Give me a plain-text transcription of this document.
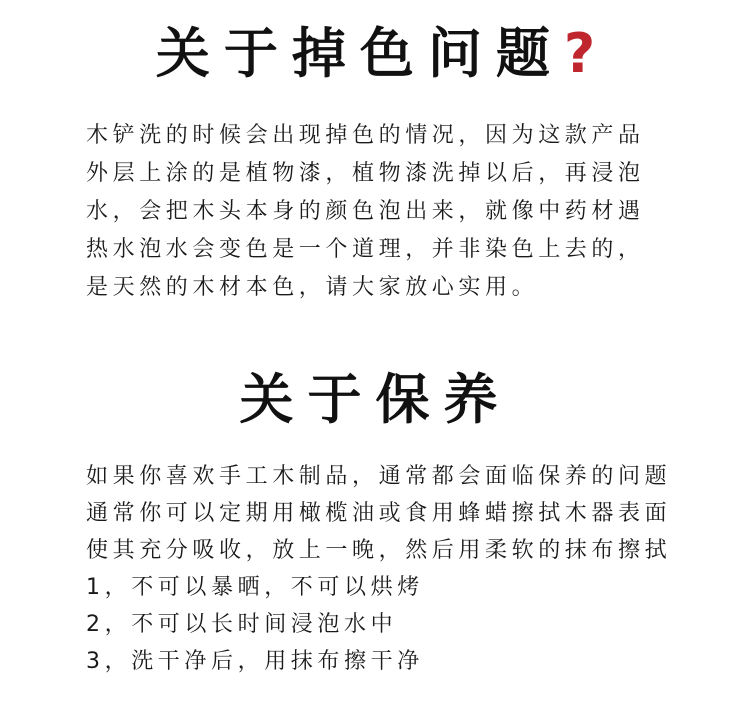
关于掉色问题?
木铲洗的时候会出现掉色的情况，因为这款产品
外层上涂的是植物漆，植物漆洗掉以后，再浸泡
水，会把木头本身的颜色泡出来，就像中药材遇
热水泡水会变色是一个道理，并非染色上去的，
是天然的木材本色，请大家放心实用。
关于保养
如果你喜欢手工木制品，通常都会面临保养的问题
通常你可以定期用橄榄油或食用蜂蜡擦拭木器表面
使其充分吸收，放上一晚，然后用柔软的抹布擦拭
1，不可以暴晒，不可以烘烤
2，不可以长时间浸泡水中
3，洗干净后，用抹布擦干净
